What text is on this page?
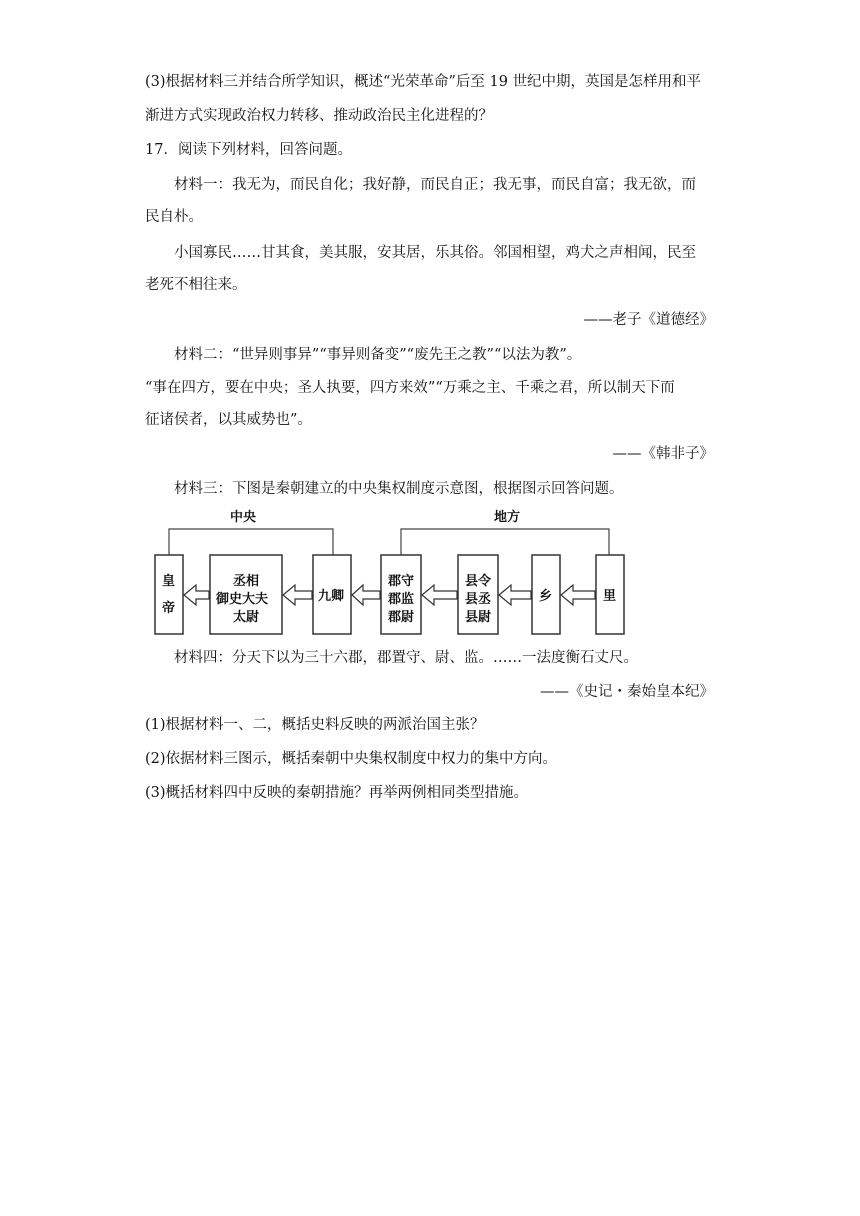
(3)根据材料三并结合所学知识，概述“光荣革命”后至 19 世纪中期，英国是怎样用和平
渐进方式实现政治权力转移、推动政治民主化进程的？
17．阅读下列材料，回答问题。
材料一：我无为，而民自化；我好静，而民自正；我无事，而民自富；我无欲，而
民自朴。
小国寡民……甘其食，美其服，安其居，乐其俗。邻国相望，鸡犬之声相闻，民至
老死不相往来。
——老子《道德经》
材料二：“世异则事异”“事异则备变”“废先王之教”“以法为教”。
“事在四方，要在中央；圣人执要，四方来效”“万乘之主、千乘之君，所以制天下而
征诸侯者，以其威势也”。
——《韩非子》
材料三：下图是秦朝建立的中央集权制度示意图，根据图示回答问题。
中央	地方
皇
帝
丞相
御史大夫
太尉
九卿
郡守
郡监
郡尉
县令
县丞
县尉
乡	里
材料四：分天下以为三十六郡，郡置守、尉、监。……一法度衡石丈尺。
——《史记・秦始皇本纪》
(1)根据材料一、二，概括史料反映的两派治国主张？
(2)依据材料三图示，概括秦朝中央集权制度中权力的集中方向。
(3)概括材料四中反映的秦朝措施？再举两例相同类型措施。
